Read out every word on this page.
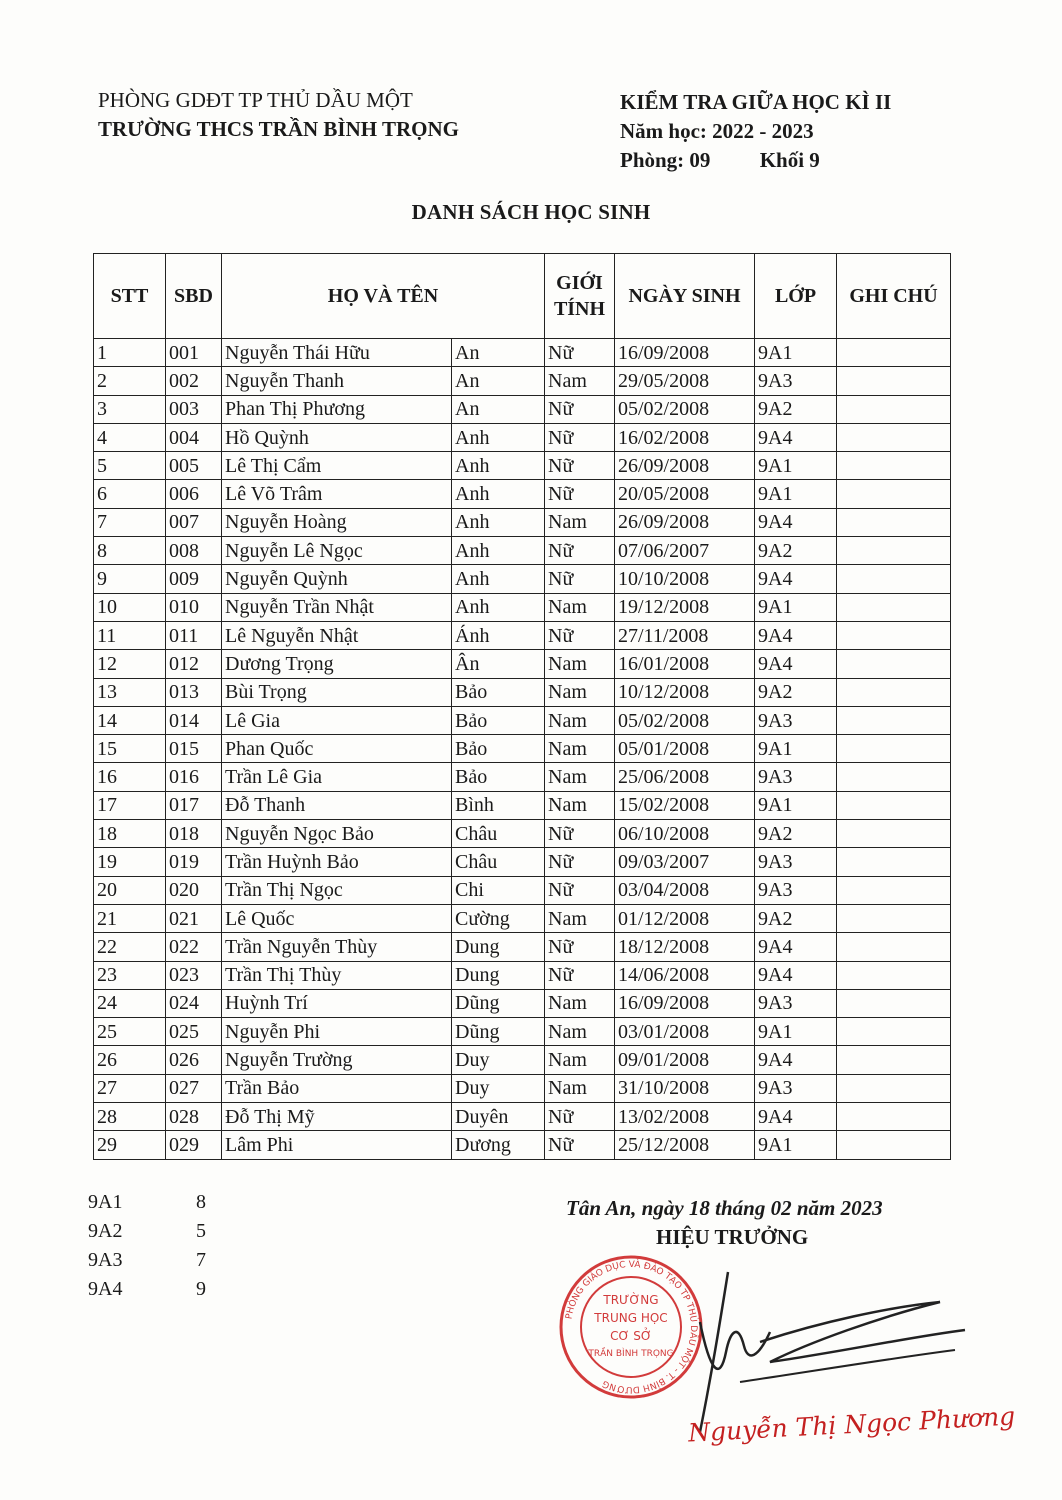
PHÒNG GDĐT TP THỦ DẦU MỘT
TRƯỜNG THCS TRẦN BÌNH TRỌNG
KIỂM TRA GIỮA HỌC KÌ II
Năm học: 2022 - 2023
Phòng: 09 Khối 9
DANH SÁCH HỌC SINH
STT	SBD	HỌ VÀ TÊN		GIỚI TÍNH	NGÀY SINH	LỚP	GHI CHÚ
1	001	Nguyễn Thái Hữu	An	Nữ	16/09/2008	9A1	
2	002	Nguyễn Thanh	An	Nam	29/05/2008	9A3	
3	003	Phan Thị Phương	An	Nữ	05/02/2008	9A2	
4	004	Hồ Quỳnh	Anh	Nữ	16/02/2008	9A4	
5	005	Lê Thị Cẩm	Anh	Nữ	26/09/2008	9A1	
6	006	Lê Võ Trâm	Anh	Nữ	20/05/2008	9A1	
7	007	Nguyễn Hoàng	Anh	Nam	26/09/2008	9A4	
8	008	Nguyễn Lê Ngọc	Anh	Nữ	07/06/2007	9A2	
9	009	Nguyễn Quỳnh	Anh	Nữ	10/10/2008	9A4	
10	010	Nguyễn Trần Nhật	Anh	Nam	19/12/2008	9A1	
11	011	Lê Nguyễn Nhật	Ánh	Nữ	27/11/2008	9A4	
12	012	Dương Trọng	Ân	Nam	16/01/2008	9A4	
13	013	Bùi Trọng	Bảo	Nam	10/12/2008	9A2	
14	014	Lê Gia	Bảo	Nam	05/02/2008	9A3	
15	015	Phan Quốc	Bảo	Nam	05/01/2008	9A1	
16	016	Trần Lê Gia	Bảo	Nam	25/06/2008	9A3	
17	017	Đỗ Thanh	Bình	Nam	15/02/2008	9A1	
18	018	Nguyễn Ngọc Bảo	Châu	Nữ	06/10/2008	9A2	
19	019	Trần Huỳnh Bảo	Châu	Nữ	09/03/2007	9A3	
20	020	Trần Thị Ngọc	Chi	Nữ	03/04/2008	9A3	
21	021	Lê Quốc	Cường	Nam	01/12/2008	9A2	
22	022	Trần Nguyễn Thùy	Dung	Nữ	18/12/2008	9A4	
23	023	Trần Thị Thùy	Dung	Nữ	14/06/2008	9A4	
24	024	Huỳnh Trí	Dũng	Nam	16/09/2008	9A3	
25	025	Nguyễn Phi	Dũng	Nam	03/01/2008	9A1	
26	026	Nguyễn Trường	Duy	Nam	09/01/2008	9A4	
27	027	Trần Bảo	Duy	Nam	31/10/2008	9A3	
28	028	Đỗ Thị Mỹ	Duyên	Nữ	13/02/2008	9A4	
29	029	Lâm Phi	Dương	Nữ	25/12/2008	9A1	
9A1	8
9A2	5
9A3	7
9A4	9
Tân An, ngày 18 tháng 02 năm 2023
HIỆU TRƯỞNG
PHÒNG GIÁO DỤC VÀ ĐÀO TẠO TP THỦ DẦU MỘT - T. BÌNH DƯƠNG
TRƯỜNG
TRUNG HỌC
CƠ SỞ
TRẦN BÌNH TRỌNG
Nguyễn Thị Ngọc Phương
